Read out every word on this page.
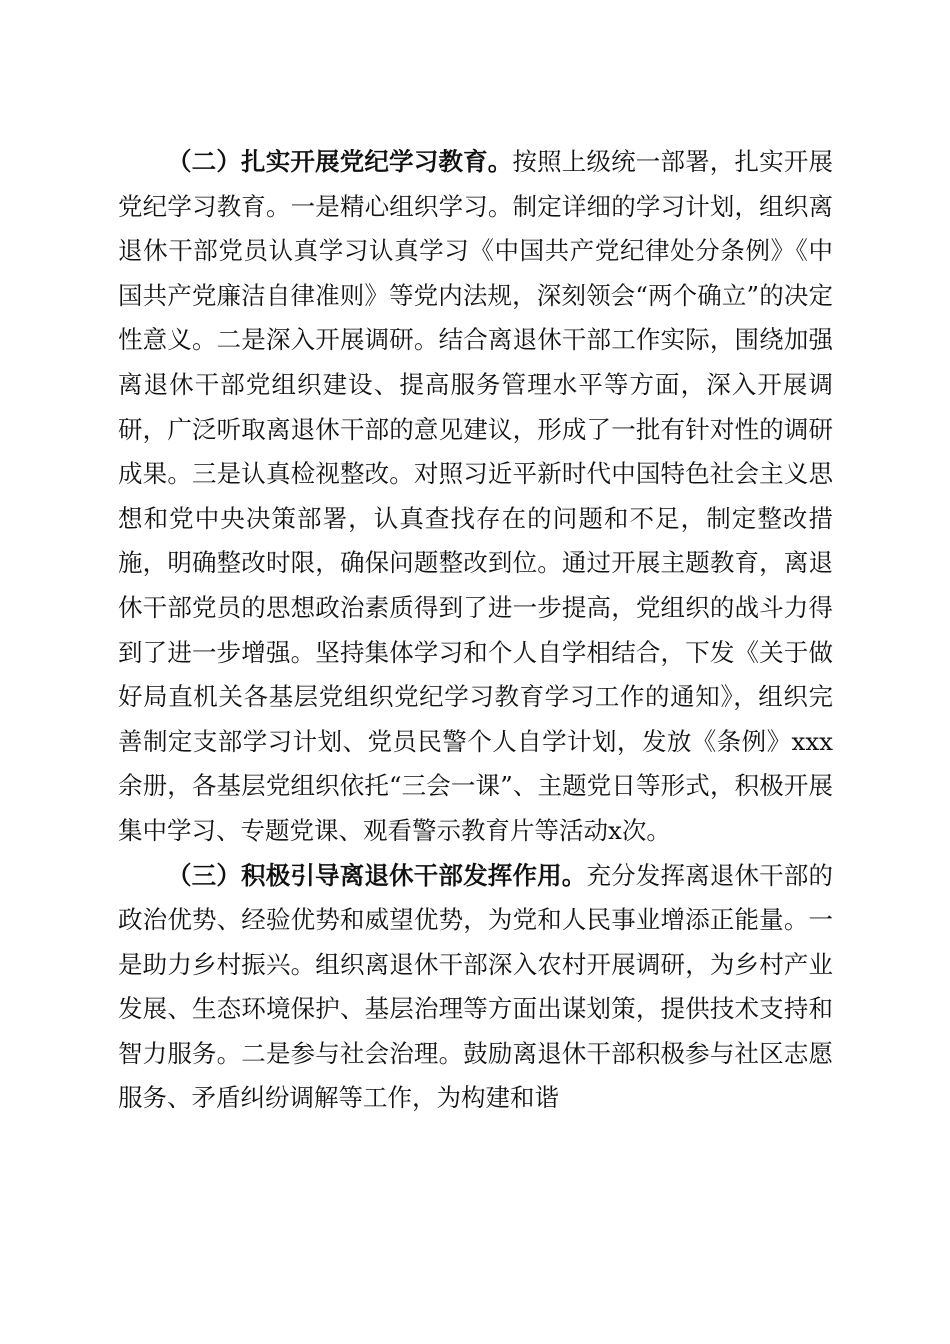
（二）扎实开展党纪学习教育。按照上级统一部署，扎实开展党纪学习教育。一是精心组织学习。制定详细的学习计划，组织离退休干部党员认真学习认真学习《中国共产党纪律处分条例》《中国共产党廉洁自律准则》等党内法规，深刻领会“两个确立”的决定性意义。二是深入开展调研。结合离退休干部工作实际，围绕加强离退休干部党组织建设、提高服务管理水平等方面，深入开展调研，广泛听取离退休干部的意见建议，形成了一批有针对性的调研成果。三是认真检视整改。对照习近平新时代中国特色社会主义思想和党中央决策部署，认真查找存在的问题和不足，制定整改措施，明确整改时限，确保问题整改到位。通过开展主题教育，离退休干部党员的思想政治素质得到了进一步提高，党组织的战斗力得到了进一步增强。坚持集体学习和个人自学相结合，下发《关于做好局直机关各基层党组织党纪学习教育学习工作的通知》，组织完善制定支部学习计划、党员民警个人自学计划，发放《条例》xxx余册，各基层党组织依托“三会一课”、主题党日等形式，积极开展集中学习、专题党课、观看警示教育片等活动x次。

（三）积极引导离退休干部发挥作用。充分发挥离退休干部的政治优势、经验优势和威望优势，为党和人民事业增添正能量。一是助力乡村振兴。组织离退休干部深入农村开展调研，为乡村产业发展、生态环境保护、基层治理等方面出谋划策，提供技术支持和智力服务。二是参与社会治理。鼓励离退休干部积极参与社区志愿服务、矛盾纠纷调解等工作，为构建和谐
